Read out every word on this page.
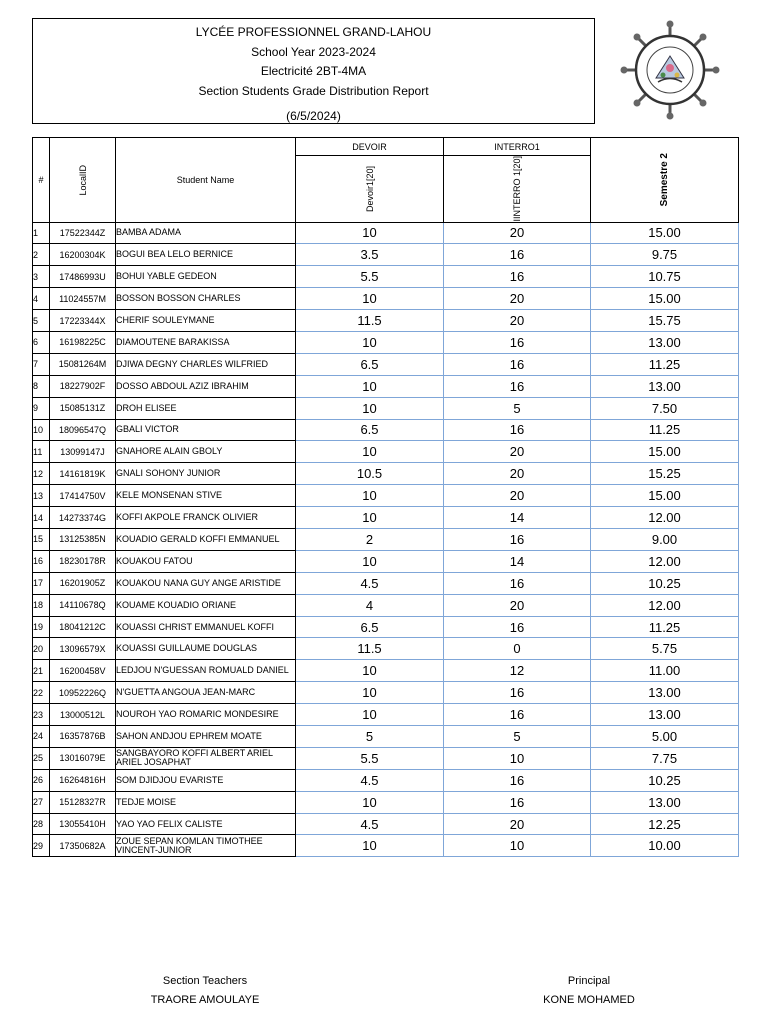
LYCÉE PROFESSIONNEL GRAND-LAHOU
School Year 2023-2024
Electricité 2BT-4MA
Section Students Grade Distribution Report
(6/5/2024)
#	LocalID	Student Name	DEVOIR	INTERRO1	Semestre 2

			Devoir1[20]	IINTERRO 1[20]	

1	17522344Z	BAMBA ADAMA	10	20	15.00
2	16200304K	BOGUI BEA LELO BERNICE	3.5	16	9.75
3	17486993U	BOHUI YABLE GEDEON	5.5	16	10.75
4	11024557M	BOSSON BOSSON CHARLES	10	20	15.00
5	17223344X	CHERIF SOULEYMANE	11.5	20	15.75
6	16198225C	DIAMOUTENE BARAKISSA	10	16	13.00
7	15081264M	DJIWA DEGNY CHARLES WILFRIED	6.5	16	11.25
8	18227902F	DOSSO ABDOUL AZIZ IBRAHIM	10	16	13.00
9	15085131Z	DROH ELISEE	10	5	7.50
10	18096547Q	GBALI VICTOR	6.5	16	11.25
11	13099147J	GNAHORE ALAIN GBOLY	10	20	15.00
12	14161819K	GNALI SOHONY JUNIOR	10.5	20	15.25
13	17414750V	KELE MONSENAN STIVE	10	20	15.00
14	14273374G	KOFFI AKPOLE FRANCK OLIVIER	10	14	12.00
15	13125385N	KOUADIO GERALD KOFFI EMMANUEL	2	16	9.00
16	18230178R	KOUAKOU FATOU	10	14	12.00
17	16201905Z	KOUAKOU NANA GUY ANGE ARISTIDE	4.5	16	10.25
18	14110678Q	KOUAME KOUADIO ORIANE	4	20	12.00
19	18041212C	KOUASSI CHRIST EMMANUEL KOFFI	6.5	16	11.25
20	13096579X	KOUASSI GUILLAUME DOUGLAS	11.5	0	5.75
21	16200458V	LEDJOU N'GUESSAN ROMUALD DANIEL	10	12	11.00
22	10952226Q	N'GUETTA ANGOUA JEAN-MARC	10	16	13.00
23	13000512L	NOUROH YAO ROMARIC MONDESIRE	10	16	13.00
24	16357876B	SAHON ANDJOU EPHREM MOATE	5	5	5.00
25	13016079E	SANGBAYORO KOFFI ALBERT ARIEL ARIEL JOSAPHAT	5.5	10	7.75
26	16264816H	SOM DJIDJOU EVARISTE	4.5	16	10.25
27	15128327R	TEDJE MOISE	10	16	13.00
28	13055410H	YAO YAO FELIX CALISTE	4.5	20	12.25
29	17350682A	ZOUE SEPAN KOMLAN TIMOTHEE VINCENT-JUNIOR	10	10	10.00
Section Teachers
TRAORE AMOULAYE
Principal
KONE MOHAMED
